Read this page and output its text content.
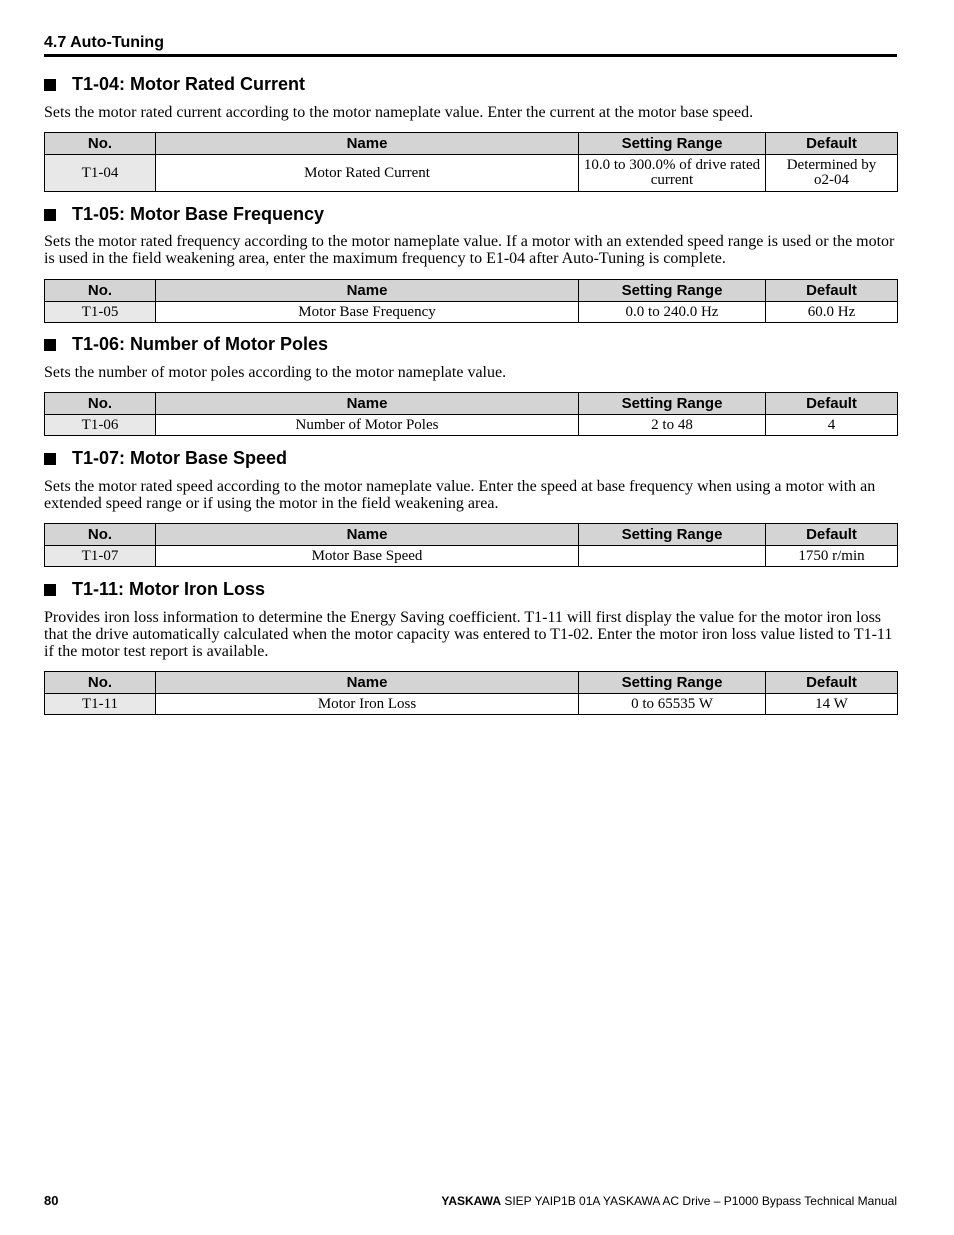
4.7 Auto-Tuning
T1-04: Motor Rated Current
Sets the motor rated current according to the motor nameplate value. Enter the current at the motor base speed.
No.	Name	Setting Range	Default
T1-04	Motor Rated Current	10.0 to 300.0% of drive rated current	Determined by o2-04
T1-05: Motor Base Frequency
Sets the motor rated frequency according to the motor nameplate value. If a motor with an extended speed range is used or the motor is used in the field weakening area, enter the maximum frequency to E1-04 after Auto-Tuning is complete.
No.	Name	Setting Range	Default
T1-05	Motor Base Frequency	0.0 to 240.0 Hz	60.0 Hz
T1-06: Number of Motor Poles
Sets the number of motor poles according to the motor nameplate value.
No.	Name	Setting Range	Default
T1-06	Number of Motor Poles	2 to 48	4
T1-07: Motor Base Speed
Sets the motor rated speed according to the motor nameplate value. Enter the speed at base frequency when using a motor with an extended speed range or if using the motor in the field weakening area.
No.	Name	Setting Range	Default
T1-07	Motor Base Speed		1750 r/min
T1-11: Motor Iron Loss
Provides iron loss information to determine the Energy Saving coefficient. T1-11 will first display the value for the motor iron loss that the drive automatically calculated when the motor capacity was entered to T1-02. Enter the motor iron loss value listed to T1-11 if the motor test report is available.
No.	Name	Setting Range	Default
T1-11	Motor Iron Loss	0 to 65535 W	14 W
80	YASKAWA SIEP YAIP1B 01A YASKAWA AC Drive – P1000 Bypass Technical Manual
